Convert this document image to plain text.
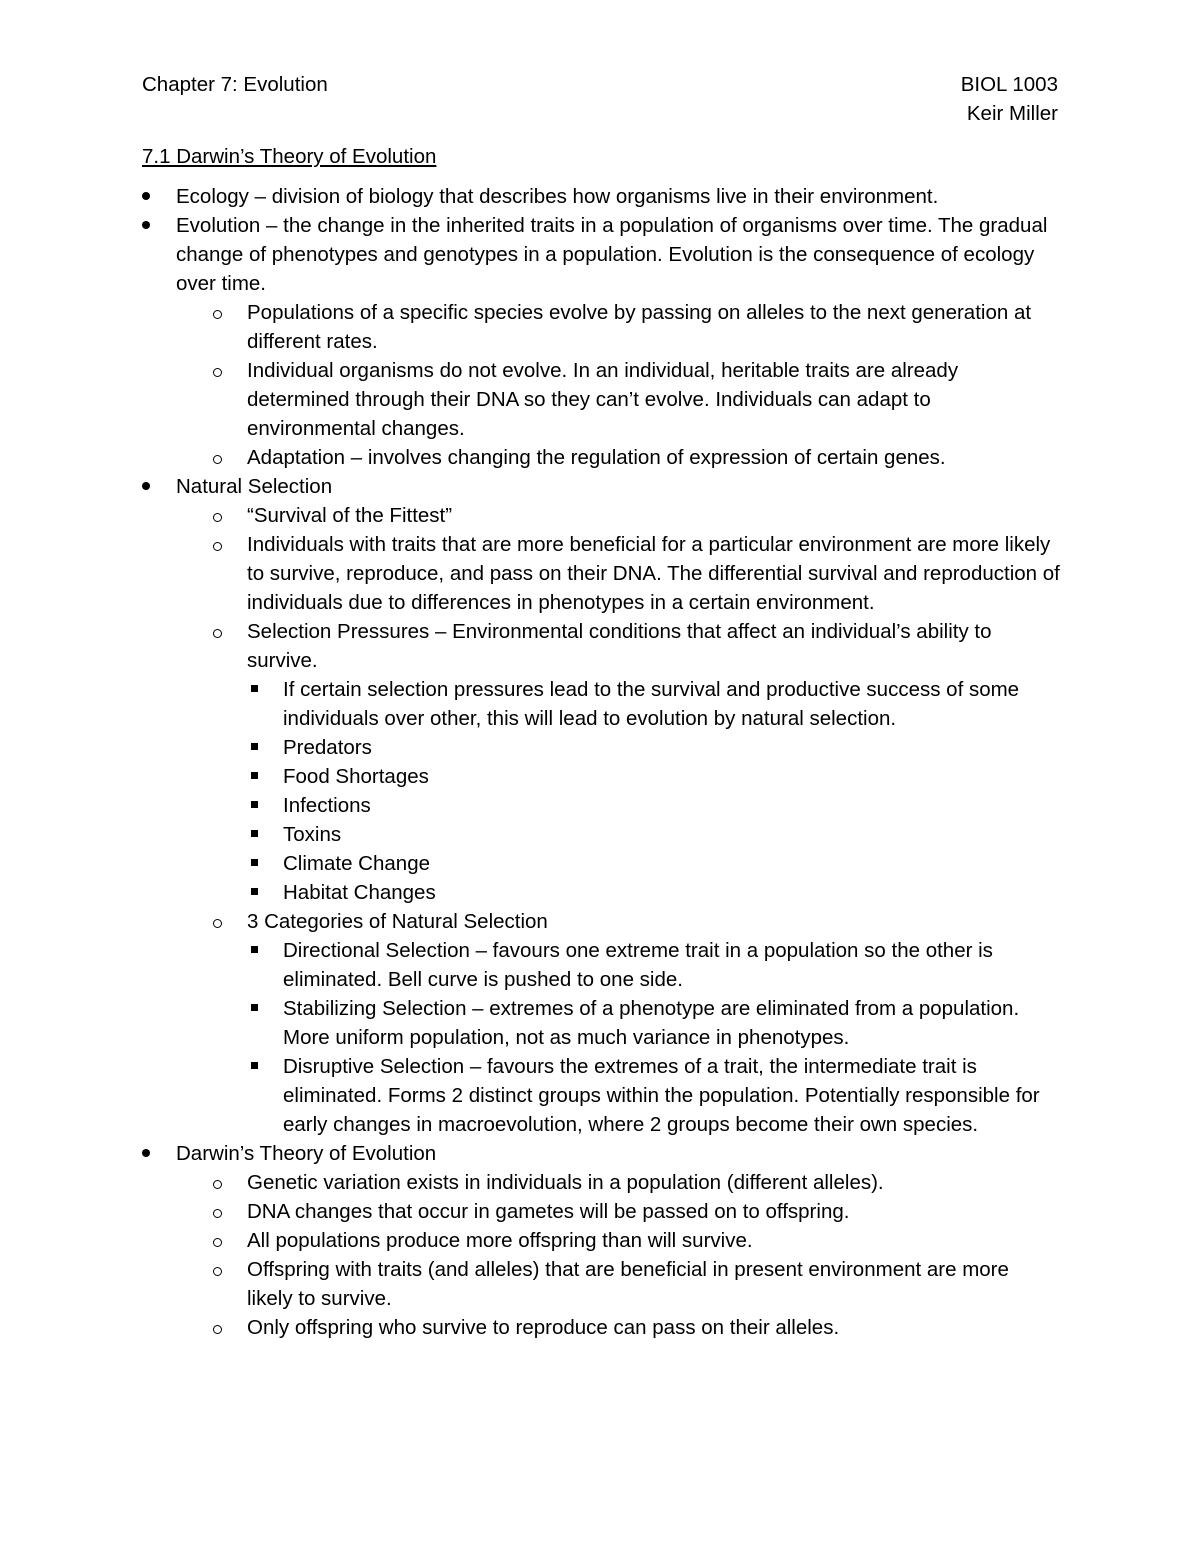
Chapter 7: Evolution	BIOL 1003
Keir Miller
7.1 Darwin’s Theory of Evolution
Ecology – division of biology that describes how organisms live in their environment.
Evolution – the change in the inherited traits in a population of organisms over time. The gradual change of phenotypes and genotypes in a population. Evolution is the consequence of ecology over time.
Populations of a specific species evolve by passing on alleles to the next generation at different rates.
Individual organisms do not evolve. In an individual, heritable traits are already determined through their DNA so they can’t evolve. Individuals can adapt to environmental changes.
Adaptation – involves changing the regulation of expression of certain genes.
Natural Selection
“Survival of the Fittest”
Individuals with traits that are more beneficial for a particular environment are more likely to survive, reproduce, and pass on their DNA. The differential survival and reproduction of individuals due to differences in phenotypes in a certain environment.
Selection Pressures – Environmental conditions that affect an individual’s ability to survive.
If certain selection pressures lead to the survival and productive success of some individuals over other, this will lead to evolution by natural selection.
Predators
Food Shortages
Infections
Toxins
Climate Change
Habitat Changes
3 Categories of Natural Selection
Directional Selection – favours one extreme trait in a population so the other is eliminated. Bell curve is pushed to one side.
Stabilizing Selection – extremes of a phenotype are eliminated from a population. More uniform population, not as much variance in phenotypes.
Disruptive Selection – favours the extremes of a trait, the intermediate trait is eliminated. Forms 2 distinct groups within the population. Potentially responsible for early changes in macroevolution, where 2 groups become their own species.
Darwin’s Theory of Evolution
Genetic variation exists in individuals in a population (different alleles).
DNA changes that occur in gametes will be passed on to offspring.
All populations produce more offspring than will survive.
Offspring with traits (and alleles) that are beneficial in present environment are more likely to survive.
Only offspring who survive to reproduce can pass on their alleles.
